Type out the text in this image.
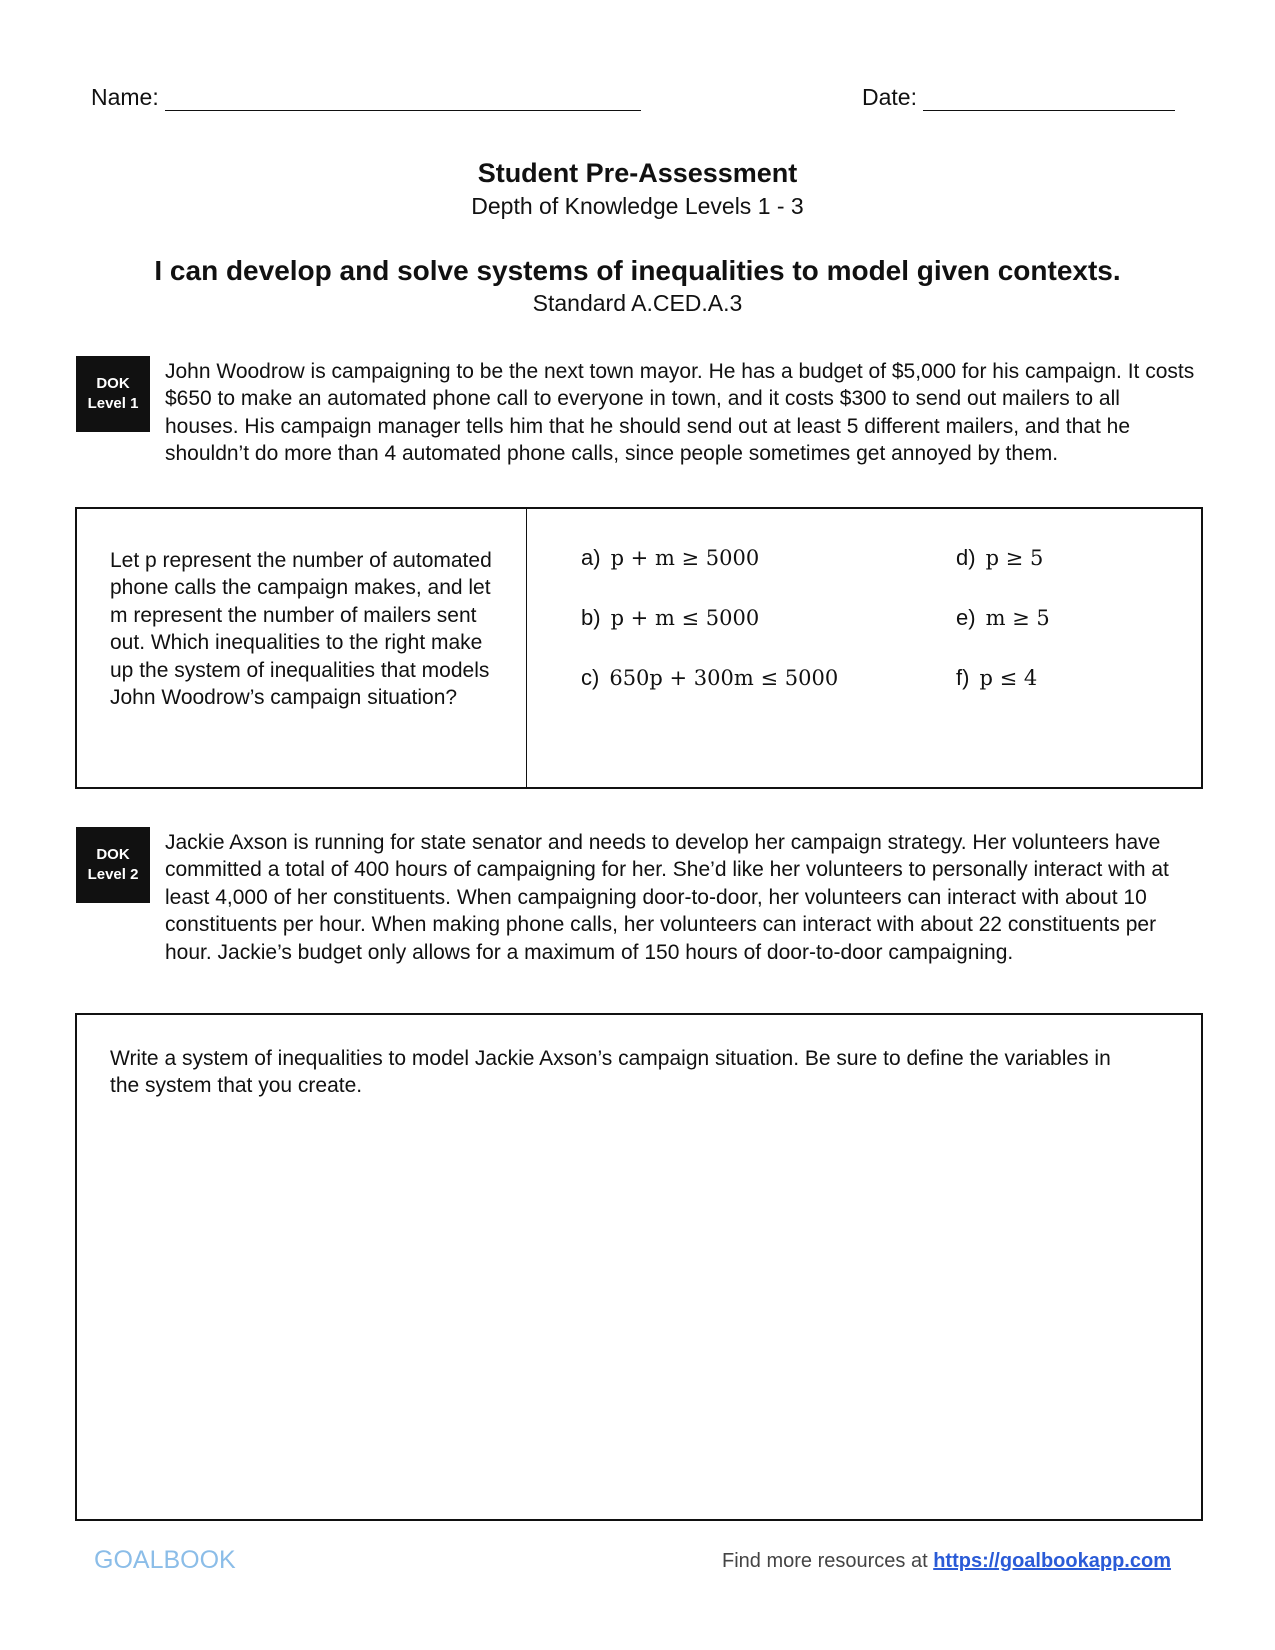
Name:	Date:
Student Pre-Assessment
Depth of Knowledge Levels 1 - 3
I can develop and solve systems of inequalities to model given contexts.
Standard A.CED.A.3
DOK
Level 1
John Woodrow is campaigning to be the next town mayor. He has a budget of $5,000 for his campaign. It costs $650 to make an automated phone call to everyone in town, and it costs $300 to send out mailers to all houses. His campaign manager tells him that he should send out at least 5 different mailers, and that he shouldn’t do more than 4 automated phone calls, since people sometimes get annoyed by them.
Let p represent the number of automated phone calls the campaign makes, and let m represent the number of mailers sent out. Which inequalities to the right make up the system of inequalities that models John Woodrow’s campaign situation?
a) p + m ≥ 5000
b) p + m ≤ 5000
c) 650p + 300m ≤ 5000
d) p ≥ 5
e) m ≥ 5
f) p ≤ 4
DOK
Level 2
Jackie Axson is running for state senator and needs to develop her campaign strategy. Her volunteers have committed a total of 400 hours of campaigning for her. She’d like her volunteers to personally interact with at least 4,000 of her constituents. When campaigning door-to-door, her volunteers can interact with about 10 constituents per hour. When making phone calls, her volunteers can interact with about 22 constituents per hour. Jackie’s budget only allows for a maximum of 150 hours of door-to-door campaigning.
Write a system of inequalities to model Jackie Axson’s campaign situation. Be sure to define the variables in the system that you create.
GOALBOOK	Find more resources at https://goalbookapp.com
